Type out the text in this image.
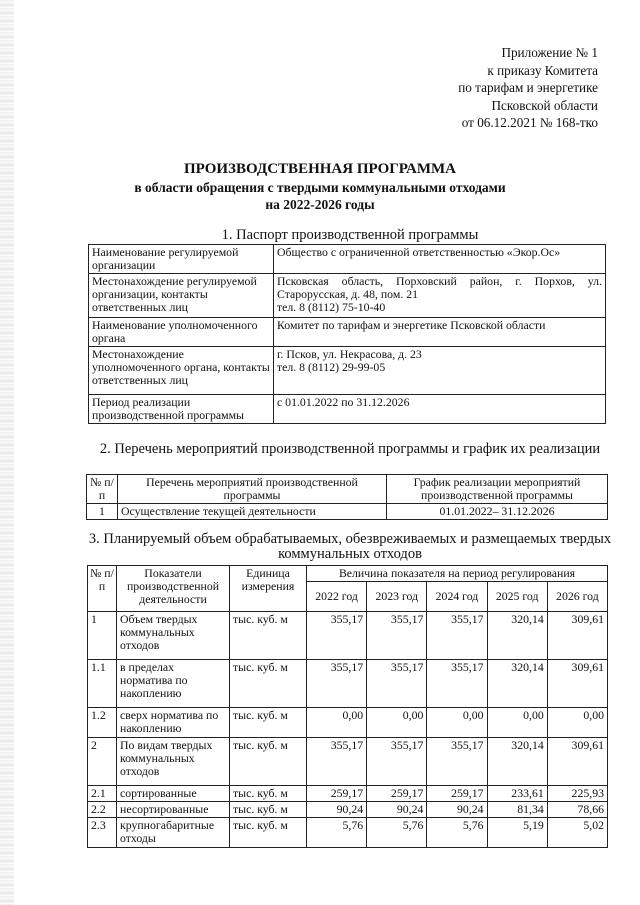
Приложение № 1
к приказу Комитета
по тарифам и энергетике
Псковской области
от 06.12.2021 № 168-тко
ПРОИЗВОДСТВЕННАЯ ПРОГРАММА
в области обращения с твердыми коммунальными отходами
на 2022-2026 годы
1. Паспорт производственной программы
Наименование регулируемой организации	Общество с ограниченной ответственностью «Экор.Ос»
Местонахождение регулируемой организации, контакты ответственных лиц	Псковская область, Порховский район, г. Порхов, ул. Старорусская, д. 48, пом. 21
тел. 8 (8112) 75-10-40

Наименование уполномоченного органа	Комитет по тарифам и энергетике Псковской области
Местонахождение уполномоченного органа, контакты ответственных лиц	г. Псков, ул. Некрасова, д. 23
тел. 8 (8112) 29-99-05

Период реализации производственной программы	с 01.01.2022 по 31.12.2026
2. Перечень мероприятий производственной программы и график их реализации
№ п/п	Перечень мероприятий производственной программы	График реализации мероприятий производственной программы
1	Осуществление текущей деятельности	01.01.2022– 31.12.2026
3. Планируемый объем обрабатываемых, обезвреживаемых и размещаемых твердых коммунальных отходов
№ п/п	Показатели производственной деятельности	Единица измерения	Величина показателя на период регулирования				
			2022 год	2023 год	2024 год	2025 год	2026 год
1	Объем твердых коммунальных отходов	тыс. куб. м	355,17	355,17	355,17	320,14	309,61
1.1	в пределах норматива по накоплению	тыс. куб. м	355,17	355,17	355,17	320,14	309,61
1.2	сверх норматива по накоплению	тыс. куб. м	0,00	0,00	0,00	0,00	0,00
2	По видам твердых коммунальных отходов	тыс. куб. м	355,17	355,17	355,17	320,14	309,61
2.1	сортированные	тыс. куб. м	259,17	259,17	259,17	233,61	225,93
2.2	несортированные	тыс. куб. м	90,24	90,24	90,24	81,34	78,66
2.3	крупногабаритные отходы	тыс. куб. м	5,76	5,76	5,76	5,19	5,02
